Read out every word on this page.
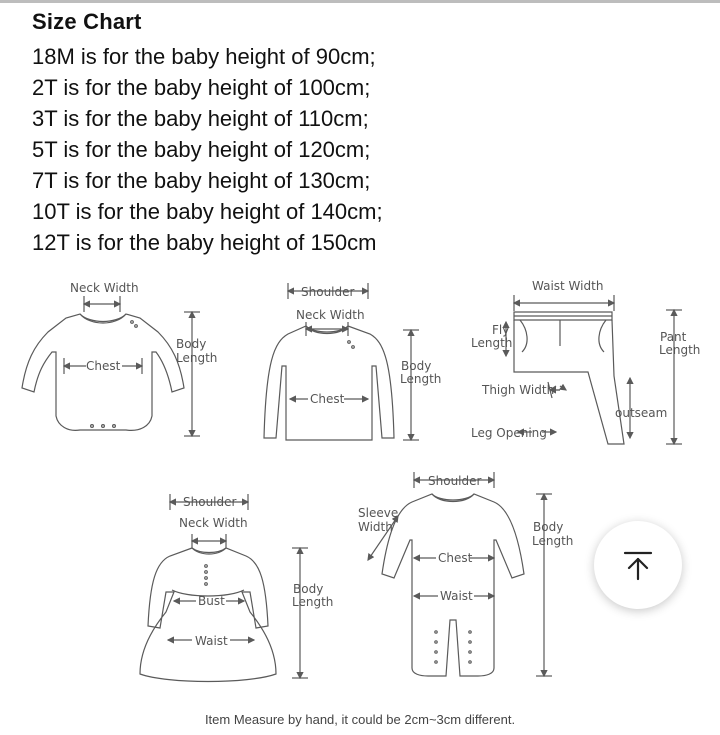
Size Chart
18M is for the baby height of 90cm;
2T is for the baby height of 100cm;
3T is for the baby height of 110cm;
5T is for the baby height of 120cm;
7T is for the baby height of 130cm;
10T is for the baby height of 140cm;
12T is for the baby height of 150cm
Neck Width
Chest
Body
Length
Shoulder
Neck Width
Chest
Body
Length
Waist Width
Fly
Length	Pant
Length
Thigh Width
outseam
Leg Opening
Shoulder
Neck Width
Bust
Waist
Body
Length
Shoulder
Sleeve
Width
Chest
Waist
Body
Length
Item Measure by hand, it could be 2cm~3cm different.
